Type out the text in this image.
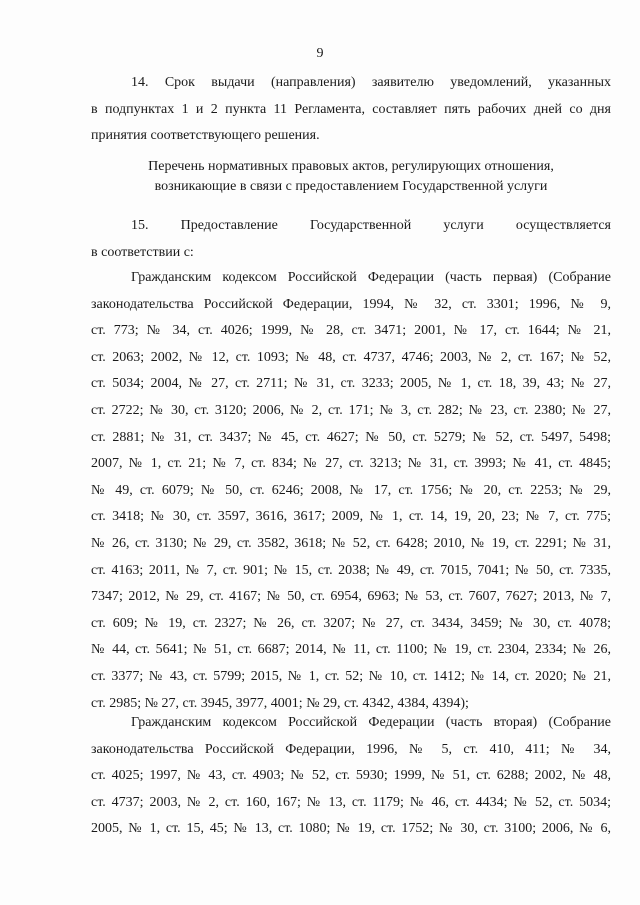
9
14. Срок выдачи (направления) заявителю уведомлений, указанных
в подпунктах 1 и 2 пункта 11 Регламента, составляет пять рабочих дней со дня
принятия соответствующего решения.
Перечень нормативных правовых актов, регулирующих отношения,
возникающие в связи с предоставлением Государственной услуги
15. Предоставление Государственной услуги осуществляется
в соответствии с:
Гражданским кодексом Российской Федерации (часть первая) (Собрание
законодательства Российской Федерации, 1994, № 32, ст. 3301; 1996, № 9,
ст. 773; № 34, ст. 4026; 1999, № 28, ст. 3471; 2001, № 17, ст. 1644; № 21,
ст. 2063; 2002, № 12, ст. 1093; № 48, ст. 4737, 4746; 2003, № 2, ст. 167; № 52,
ст. 5034; 2004, № 27, ст. 2711; № 31, ст. 3233; 2005, № 1, ст. 18, 39, 43; № 27,
ст. 2722; № 30, ст. 3120; 2006, № 2, ст. 171; № 3, ст. 282; № 23, ст. 2380; № 27,
ст. 2881; № 31, ст. 3437; № 45, ст. 4627; № 50, ст. 5279; № 52, ст. 5497, 5498;
2007, № 1, ст. 21; № 7, ст. 834; № 27, ст. 3213; № 31, ст. 3993; № 41, ст. 4845;
№ 49, ст. 6079; № 50, ст. 6246; 2008, № 17, ст. 1756; № 20, ст. 2253; № 29,
ст. 3418; № 30, ст. 3597, 3616, 3617; 2009, № 1, ст. 14, 19, 20, 23; № 7, ст. 775;
№ 26, ст. 3130; № 29, ст. 3582, 3618; № 52, ст. 6428; 2010, № 19, ст. 2291; № 31,
ст. 4163; 2011, № 7, ст. 901; № 15, ст. 2038; № 49, ст. 7015, 7041; № 50, ст. 7335,
7347; 2012, № 29, ст. 4167; № 50, ст. 6954, 6963; № 53, ст. 7607, 7627; 2013, № 7,
ст. 609; № 19, ст. 2327; № 26, ст. 3207; № 27, ст. 3434, 3459; № 30, ст. 4078;
№ 44, ст. 5641; № 51, ст. 6687; 2014, № 11, ст. 1100; № 19, ст. 2304, 2334; № 26,
ст. 3377; № 43, ст. 5799; 2015, № 1, ст. 52; № 10, ст. 1412; № 14, ст. 2020; № 21,
ст. 2985; № 27, ст. 3945, 3977, 4001; № 29, ст. 4342, 4384, 4394);
Гражданским кодексом Российской Федерации (часть вторая) (Собрание
законодательства Российской Федерации, 1996, № 5, ст. 410, 411; № 34,
ст. 4025; 1997, № 43, ст. 4903; № 52, ст. 5930; 1999, № 51, ст. 6288; 2002, № 48,
ст. 4737; 2003, № 2, ст. 160, 167; № 13, ст. 1179; № 46, ст. 4434; № 52, ст. 5034;
2005, № 1, ст. 15, 45; № 13, ст. 1080; № 19, ст. 1752; № 30, ст. 3100; 2006, № 6,
